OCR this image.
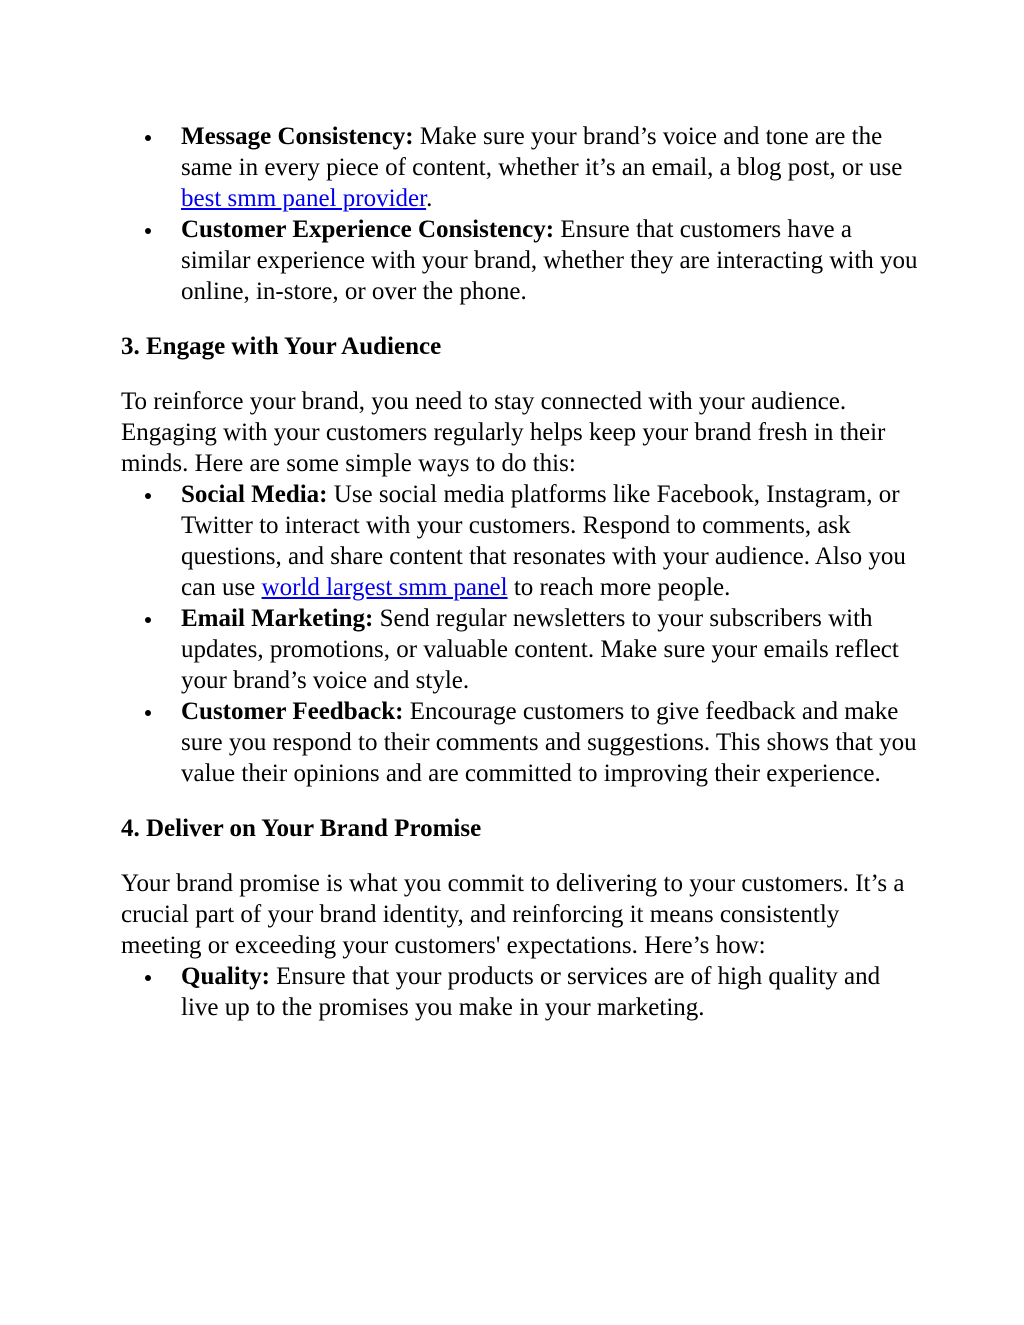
Message Consistency: Make sure your brand’s voice and tone are the same in every piece of content, whether it’s an email, a blog post, or use best smm panel provider.
Customer Experience Consistency: Ensure that customers have a similar experience with your brand, whether they are interacting with you online, in-store, or over the phone.
3. Engage with Your Audience

To reinforce your brand, you need to stay connected with your audience. Engaging with your customers regularly helps keep your brand fresh in their minds. Here are some simple ways to do this:

Social Media: Use social media platforms like Facebook, Instagram, or Twitter to interact with your customers. Respond to comments, ask questions, and share content that resonates with your audience. Also you can use world largest smm panel to reach more people.
Email Marketing: Send regular newsletters to your subscribers with updates, promotions, or valuable content. Make sure your emails reflect your brand’s voice and style.
Customer Feedback: Encourage customers to give feedback and make sure you respond to their comments and suggestions. This shows that you value their opinions and are committed to improving their experience.
4. Deliver on Your Brand Promise

Your brand promise is what you commit to delivering to your customers. It’s a crucial part of your brand identity, and reinforcing it means consistently meeting or exceeding your customers' expectations. Here’s how:

Quality: Ensure that your products or services are of high quality and live up to the promises you make in your marketing.
